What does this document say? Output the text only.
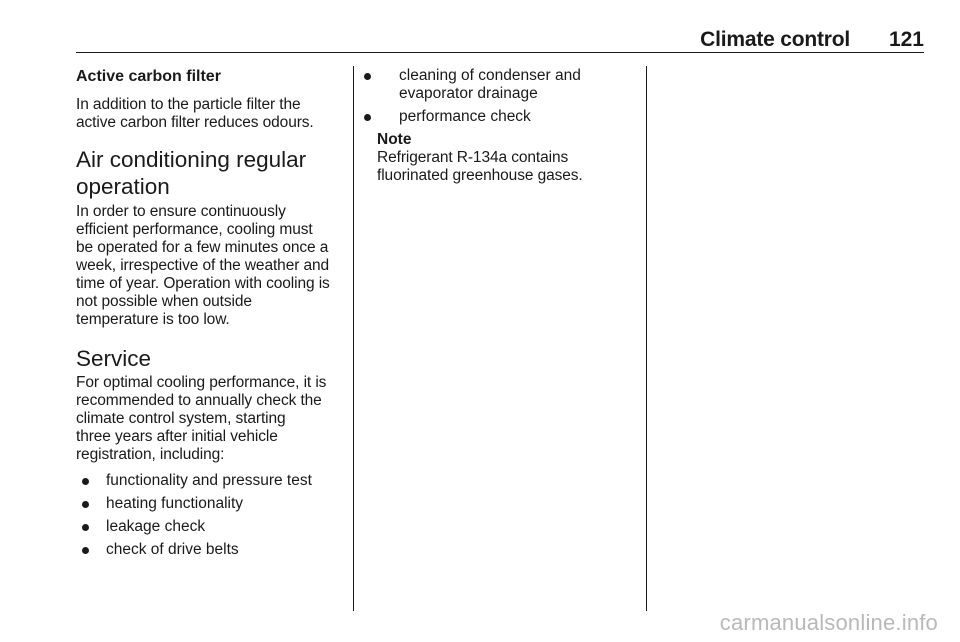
Climate control 121
Active carbon filter

In addition to the particle filter the

active carbon filter reduces odours.

Air conditioning regular
operation

In order to ensure continuously

efficient performance, cooling must

be operated for a few minutes once a

week, irrespective of the weather and

time of year. Operation with cooling is

not possible when outside

temperature is too low.

Service

For optimal cooling performance, it is

recommended to annually check the

climate control system, starting

three years after initial vehicle

registration, including:

functionality and pressure test
heating functionality
leakage check
check of drive belts
cleaning of condenser and
evaporator drainage
performance check

Note

Refrigerant R-134a contains

fluorinated greenhouse gases.

carmanualsonline.info
